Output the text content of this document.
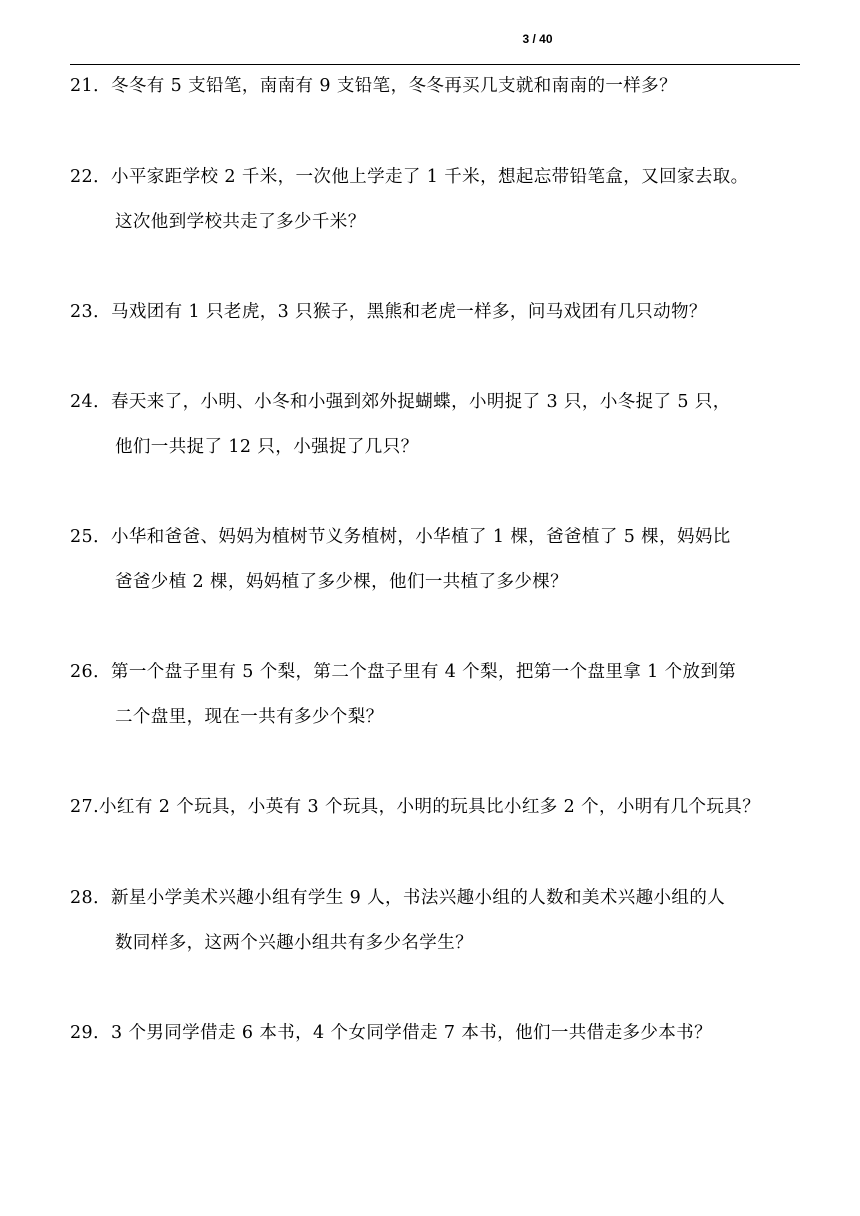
3 / 40
21．冬冬有 5 支铅笔，南南有 9 支铅笔，冬冬再买几支就和南南的一样多？
22．小平家距学校 2 千米，一次他上学走了 1 千米，想起忘带铅笔盒，又回家去取。
这次他到学校共走了多少千米？
23．马戏团有 1 只老虎，3 只猴子，黑熊和老虎一样多，问马戏团有几只动物？
24．春天来了，小明、小冬和小强到郊外捉蝴蝶，小明捉了 3 只，小冬捉了 5 只，
他们一共捉了 12 只，小强捉了几只？
25．小华和爸爸、妈妈为植树节义务植树，小华植了 1 棵，爸爸植了 5 棵，妈妈比
爸爸少植 2 棵，妈妈植了多少棵，他们一共植了多少棵？
26．第一个盘子里有 5 个梨，第二个盘子里有 4 个梨，把第一个盘里拿 1 个放到第
二个盘里，现在一共有多少个梨？
27.小红有 2 个玩具，小英有 3 个玩具，小明的玩具比小红多 2 个，小明有几个玩具？
28．新星小学美术兴趣小组有学生 9 人，书法兴趣小组的人数和美术兴趣小组的人
数同样多，这两个兴趣小组共有多少名学生？
29．3 个男同学借走 6 本书，4 个女同学借走 7 本书，他们一共借走多少本书？
